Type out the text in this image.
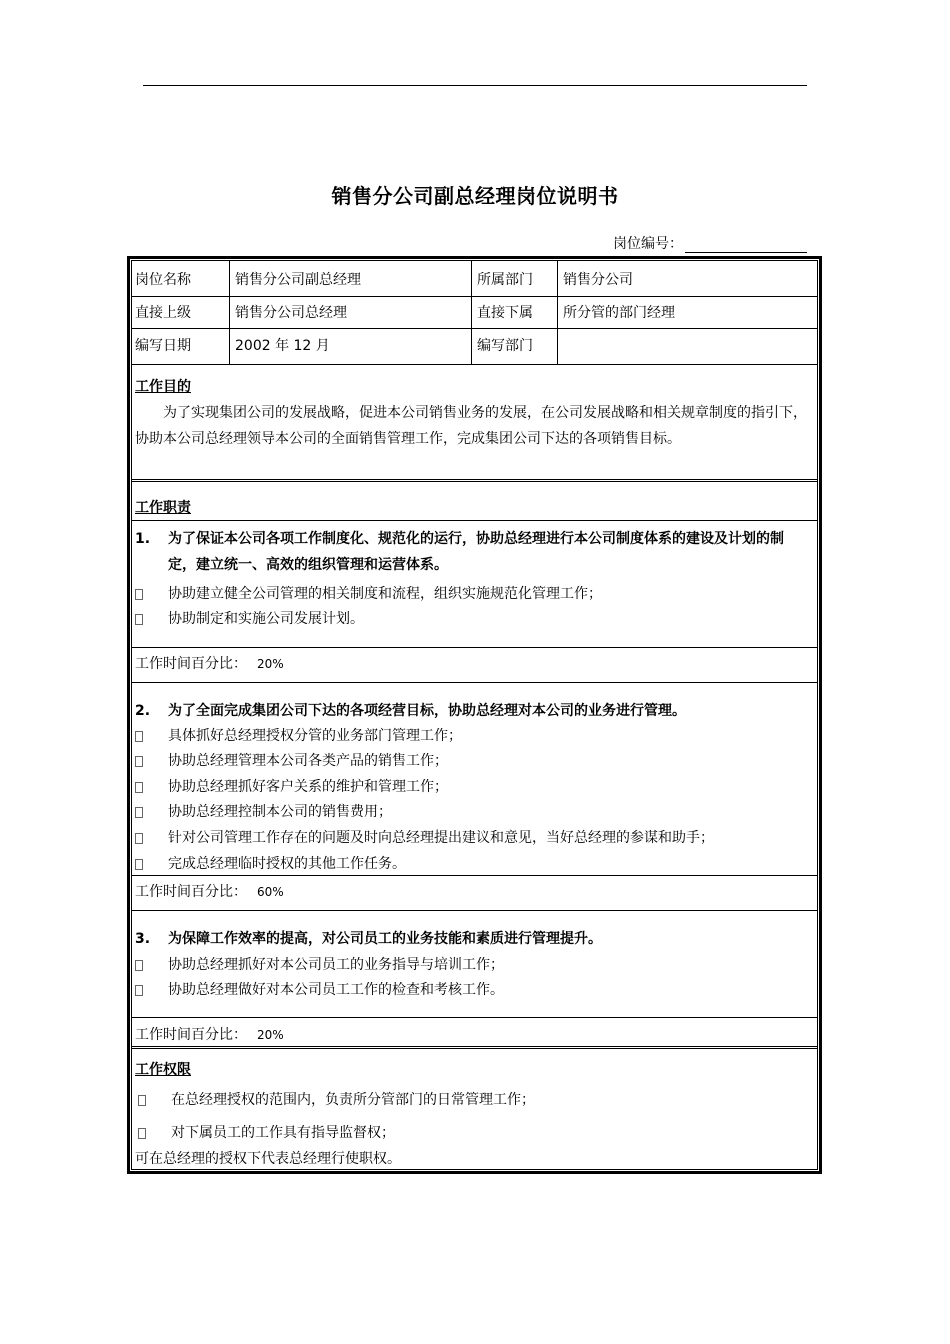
销售分公司副总经理岗位说明书
岗位编号：
岗位名称	销售分公司副总经理	所属部门 销售分公司
直接上级	销售分公司总经理	直接下属 所分管的部门经理
编写日期	2002 年 12 月	编写部门
工作目的
为了实现集团公司的发展战略，促进本公司销售业务的发展，在公司发展战略和相关规章制度的指引下，协助本公司总经理领导本公司的全面销售管理工作，完成集团公司下达的各项销售目标。
工作职责
1.	为了保证本公司各项工作制度化、规范化的运行，协助总经理进行本公司制度体系的建设及计划的制定，建立统一、高效的组织管理和运营体系。
协助建立健全公司管理的相关制度和流程，组织实施规范化管理工作；
协助制定和实施公司发展计划。
工作时间百分比： 20%
2.	为了全面完成集团公司下达的各项经营目标，协助总经理对本公司的业务进行管理。
具体抓好总经理授权分管的业务部门管理工作；
协助总经理管理本公司各类产品的销售工作；
协助总经理抓好客户关系的维护和管理工作；
协助总经理控制本公司的销售费用；
针对公司管理工作存在的问题及时向总经理提出建议和意见，当好总经理的参谋和助手；
完成总经理临时授权的其他工作任务。
工作时间百分比： 60%
3.	为保障工作效率的提高，对公司员工的业务技能和素质进行管理提升。
协助总经理抓好对本公司员工的业务指导与培训工作；
协助总经理做好对本公司员工工作的检查和考核工作。
工作时间百分比： 20%
工作权限
在总经理授权的范围内，负责所分管部门的日常管理工作；
对下属员工的工作具有指导监督权；
可在总经理的授权下代表总经理行使职权。
